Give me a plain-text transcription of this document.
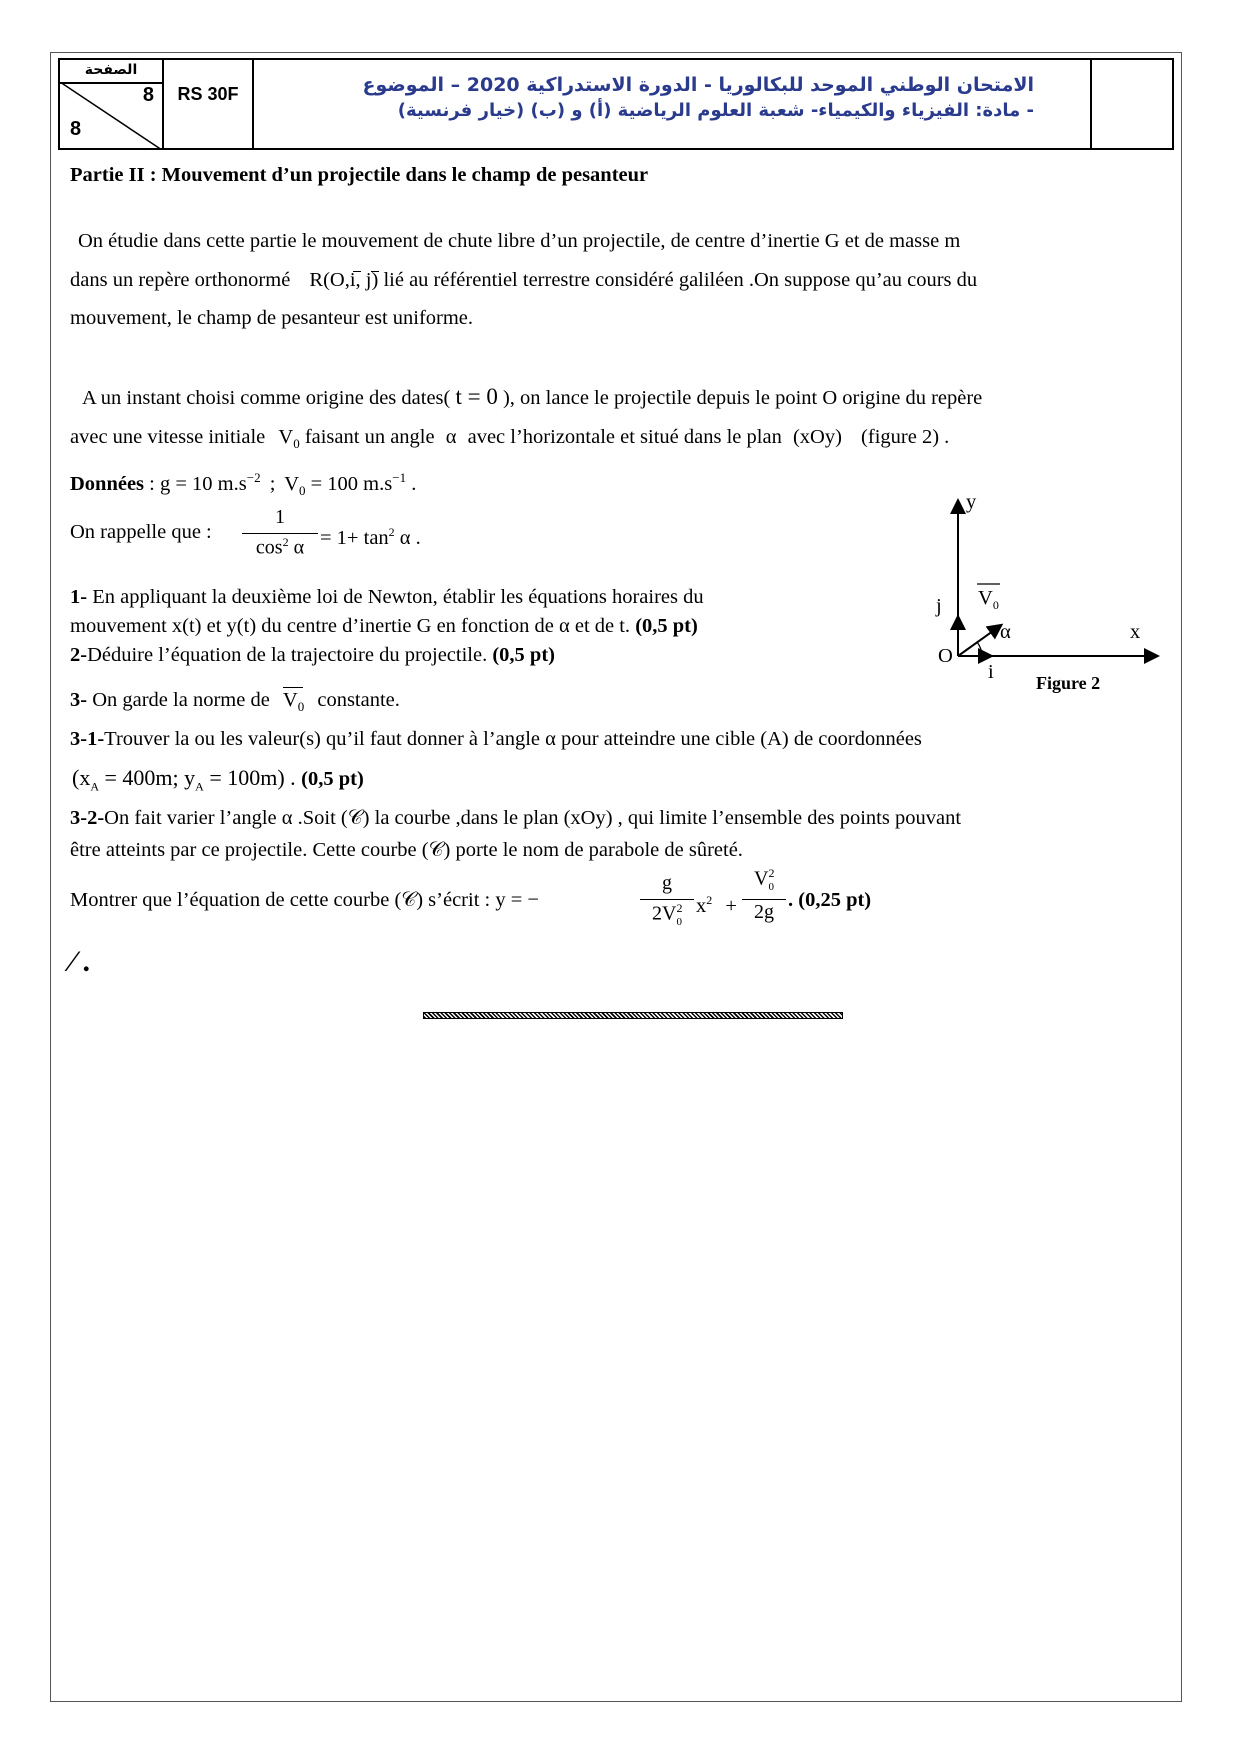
الصفحة
8
8
RS 30F	الامتحان الوطني الموحد للبكالوريا - الدورة الاستدراكية 2020 – الموضوع
- مادة: الفيزياء والكيمياء- شعبة العلوم الرياضية (أ) و (ب) (خيار فرنسية)
Partie II : Mouvement d’un projectile dans le champ de pesanteur
On étudie dans cette partie le mouvement de chute libre d’un projectile, de centre d’inertie G et de masse m
dans un repère orthonormé R(O,i, j) lié au référentiel terrestre considéré galiléen .On suppose qu’au cours du
mouvement, le champ de pesanteur est uniforme.
A un instant choisi comme origine des dates( t = 0 ), on lance le projectile depuis le point O origine du repère
avec une vitesse initiale $V_0$ faisant un angle α avec l’horizontale et situé dans le plan (xOy) (figure 2) .
Données : g = 10 $m.s^{-2}$ ; $V_0 = 100$ $m.s^{-1}$ .
On rappelle que :
1
$\cos^2 \alpha = 1+ \tan^2 \alpha$ .
1- En appliquant la deuxième loi de Newton, établir les équations horaires du
mouvement x(t) et y(t) du centre d’inertie G en fonction de α et de t. (0,5 pt)
2-Déduire l’équation de la trajectoire du projectile. (0,5 pt)
3- On garde la norme de $V_0$ constante.
3-1-Trouver la ou les valeur(s) qu’il faut donner à l’angle α pour atteindre une cible (A) de coordonnées
($x_A = 400m$; $y_A = 100m$) . (0,5 pt)
3-2-On fait varier l’angle α .Soit (𝒞) la courbe ,dans le plan (xOy) , qui limite l’ensemble des points pouvant
être atteints par ce projectile. Cette courbe (𝒞) porte le nom de parabole de sûreté.
Montrer que l’équation de cette courbe (𝒞) s’écrit : y = −
g
$2V^2_0$
$x^2$ +
$V^2_0$
2g
. (0,25 pt)
y
x
O
j
i
$V_0$
α
Figure 2
⁄ .
